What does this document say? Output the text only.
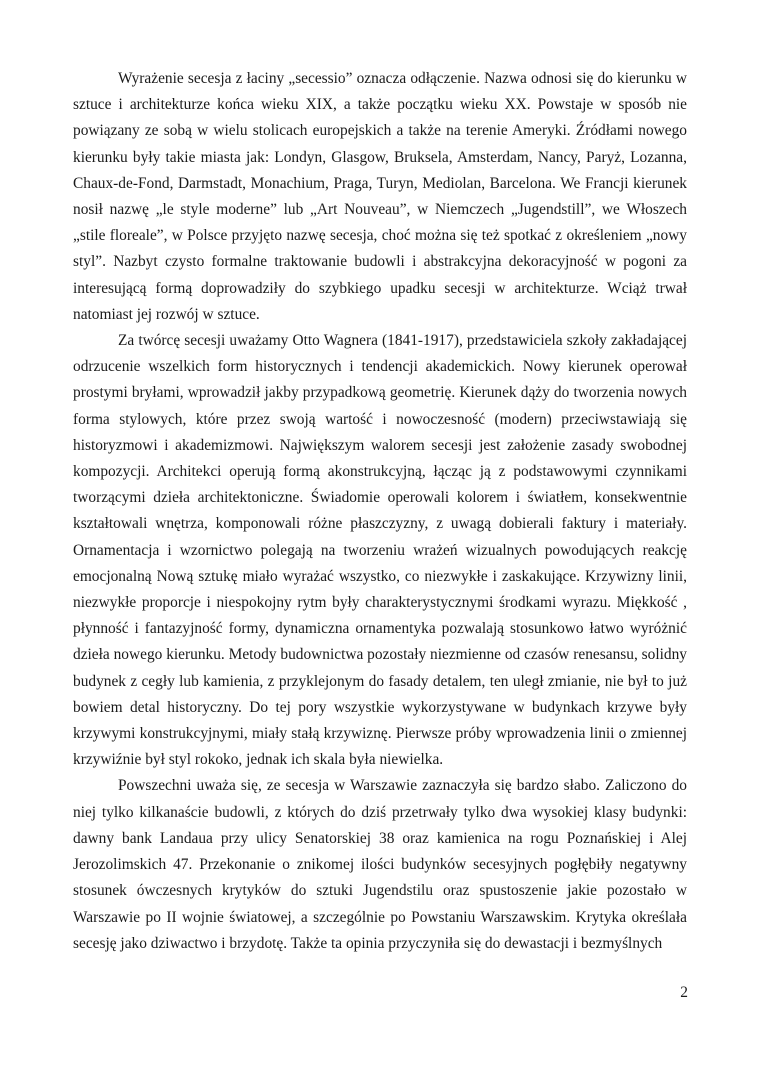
Wyrażenie secesja z łaciny „secessio” oznacza odłączenie. Nazwa odnosi się do kierunku w sztuce i architekturze końca wieku XIX, a także początku wieku XX. Powstaje w sposób nie powiązany ze sobą w wielu stolicach europejskich a także na terenie Ameryki. Źródłami nowego kierunku były takie miasta jak: Londyn, Glasgow, Bruksela, Amsterdam, Nancy, Paryż, Lozanna, Chaux-de-Fond, Darmstadt, Monachium, Praga, Turyn, Mediolan, Barcelona. We Francji kierunek nosił nazwę „le style moderne” lub „Art Nouveau”, w Niemczech „Jugendstill”, we Włoszech „stile floreale”, w Polsce przyjęto nazwę secesja, choć można się też spotkać z określeniem „nowy styl”. Nazbyt czysto formalne traktowanie budowli i abstrakcyjna dekoracyjność w pogoni za interesującą formą doprowadziły do szybkiego upadku secesji w architekturze. Wciąż trwał natomiast jej rozwój w sztuce.

Za twórcę secesji uważamy Otto Wagnera (1841-1917), przedstawiciela szkoły zakładającej odrzucenie wszelkich form historycznych i tendencji akademickich. Nowy kierunek operował prostymi bryłami, wprowadził jakby przypadkową geometrię. Kierunek dąży do tworzenia nowych forma stylowych, które przez swoją wartość i nowoczesność (modern) przeciwstawiają się historyzmowi i akademizmowi. Największym walorem secesji jest założenie zasady swobodnej kompozycji. Architekci operują formą akonstrukcyjną, łącząc ją z podstawowymi czynnikami tworzącymi dzieła architektoniczne. Świadomie operowali kolorem i światłem, konsekwentnie kształtowali wnętrza, komponowali różne płaszczyzny, z uwagą dobierali faktury i materiały. Ornamentacja i wzornictwo polegają na tworzeniu wrażeń wizualnych powodujących reakcję emocjonalną Nową sztukę miało wyrażać wszystko, co niezwykłe i zaskakujące. Krzywizny linii, niezwykłe proporcje i niespokojny rytm były charakterystycznymi środkami wyrazu. Miękkość , płynność i fantazyjność formy, dynamiczna ornamentyka pozwalają stosunkowo łatwo wyróżnić dzieła nowego kierunku. Metody budownictwa pozostały niezmienne od czasów renesansu, solidny budynek z cegły lub kamienia, z przyklejonym do fasady detalem, ten uległ zmianie, nie był to już bowiem detal historyczny. Do tej pory wszystkie wykorzystywane w budynkach krzywe były krzywymi konstrukcyjnymi, miały stałą krzywiznę. Pierwsze próby wprowadzenia linii o zmiennej krzywiźnie był styl rokoko, jednak ich skala była niewielka.

Powszechni uważa się, ze secesja w Warszawie zaznaczyła się bardzo słabo. Zaliczono do niej tylko kilkanaście budowli, z których do dziś przetrwały tylko dwa wysokiej klasy budynki: dawny bank Landaua przy ulicy Senatorskiej 38 oraz kamienica na rogu Poznańskiej i Alej Jerozolimskich 47. Przekonanie o znikomej ilości budynków secesyjnych pogłębiły negatywny stosunek ówczesnych krytyków do sztuki Jugendstilu oraz spustoszenie jakie pozostało w Warszawie po II wojnie światowej, a szczególnie po Powstaniu Warszawskim. Krytyka określała secesję jako dziwactwo i brzydotę. Także ta opinia przyczyniła się do dewastacji i bezmyślnych

2
